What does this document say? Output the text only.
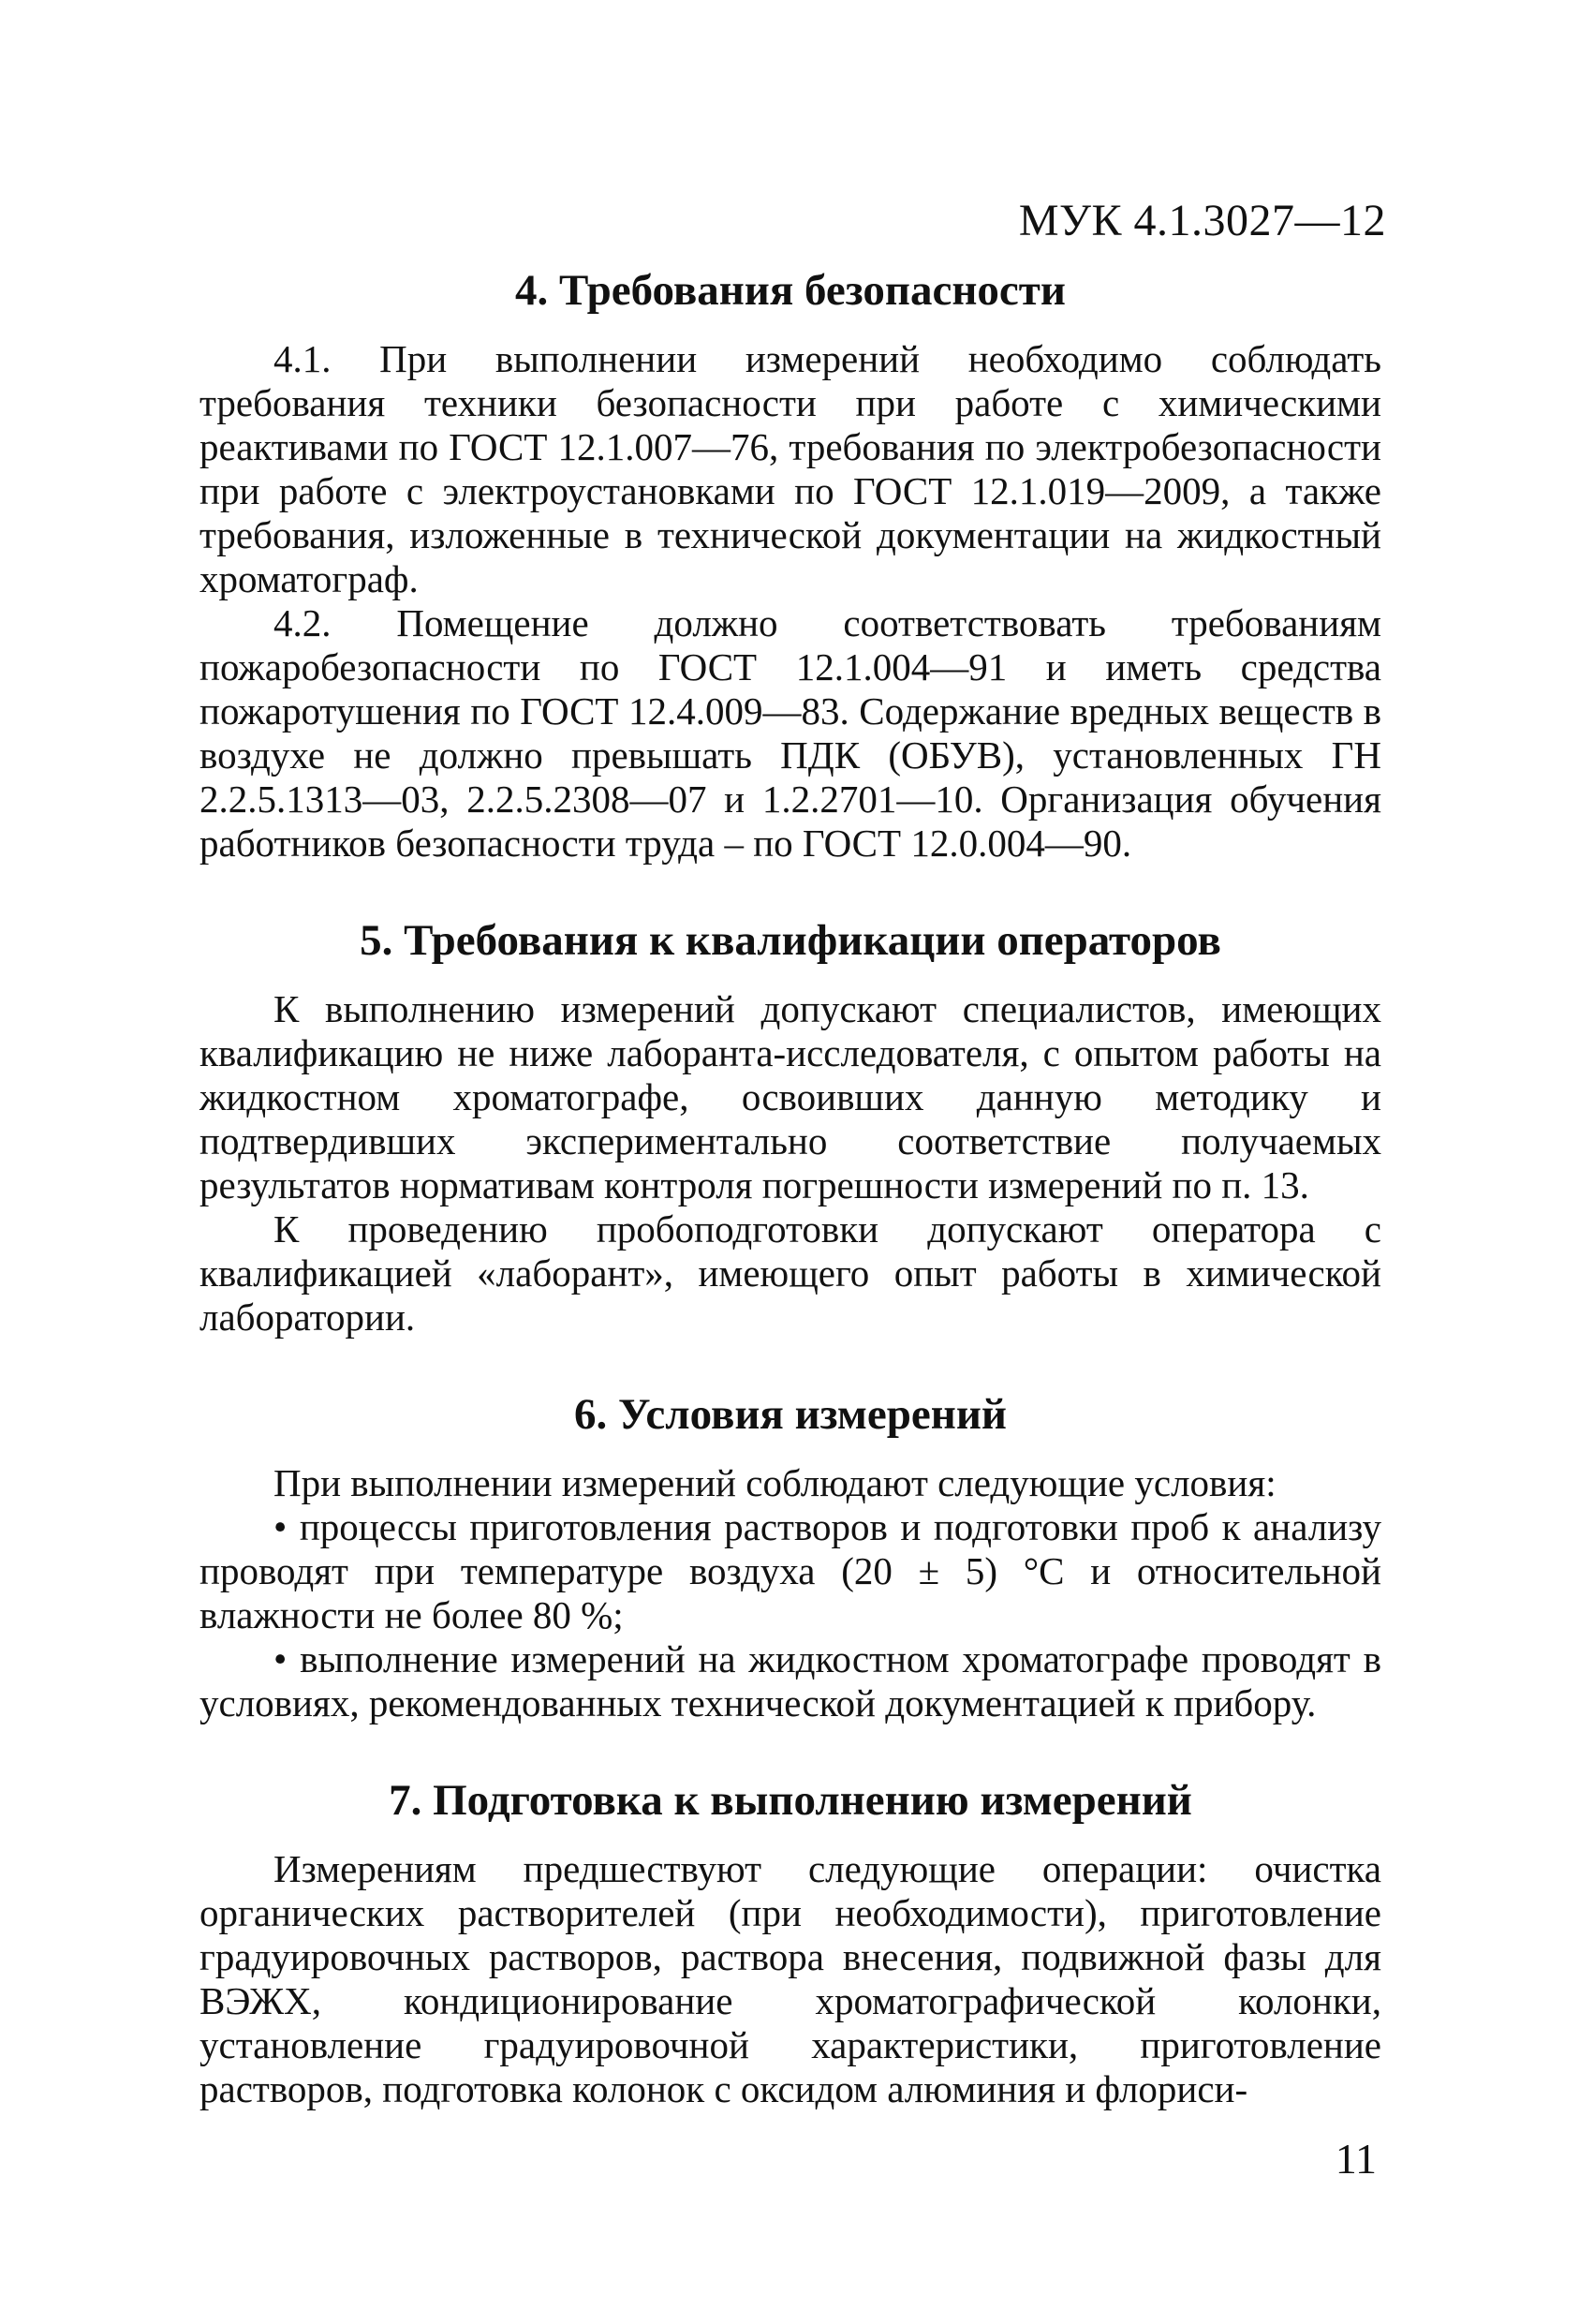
МУК 4.1.3027—12
4. Требования безопасности

4.1. При выполнении измерений необходимо соблюдать требования техники безопасности при работе с химическими реактивами по ГОСТ 12.1.007—76, требования по электробезопасности при работе с электроустановками по ГОСТ 12.1.019—2009, а также требования, изложенные в технической документации на жидкостный хроматограф.

4.2. Помещение должно соответствовать требованиям пожаробезопасности по ГОСТ 12.1.004—91 и иметь средства пожаротушения по ГОСТ 12.4.009—83. Содержание вредных веществ в воздухе не должно превышать ПДК (ОБУВ), установленных ГН 2.2.5.1313—03, 2.2.5.2308—07 и 1.2.2701—10. Организация обучения работников безопасности труда – по ГОСТ 12.0.004—90.

5. Требования к квалификации операторов

К выполнению измерений допускают специалистов, имеющих квалификацию не ниже лаборанта-исследователя, с опытом работы на жидкостном хроматографе, освоивших данную методику и подтвердивших экспериментально соответствие получаемых результатов нормативам контроля погрешности измерений по п. 13.

К проведению пробоподготовки допускают оператора с квалификацией «лаборант», имеющего опыт работы в химической лаборатории.

6. Условия измерений

При выполнении измерений соблюдают следующие условия:

• процессы приготовления растворов и подготовки проб к анализу проводят при температуре воздуха (20 ± 5) °С и относительной влажности не более 80 %;

• выполнение измерений на жидкостном хроматографе проводят в условиях, рекомендованных технической документацией к прибору.

7. Подготовка к выполнению измерений

Измерениям предшествуют следующие операции: очистка органических растворителей (при необходимости), приготовление градуировочных растворов, раствора внесения, подвижной фазы для ВЭЖХ, кондиционирование хроматографической колонки, установление градуировочной характеристики, приготовление растворов, подготовка колонок с оксидом алюминия и флориси-

11
